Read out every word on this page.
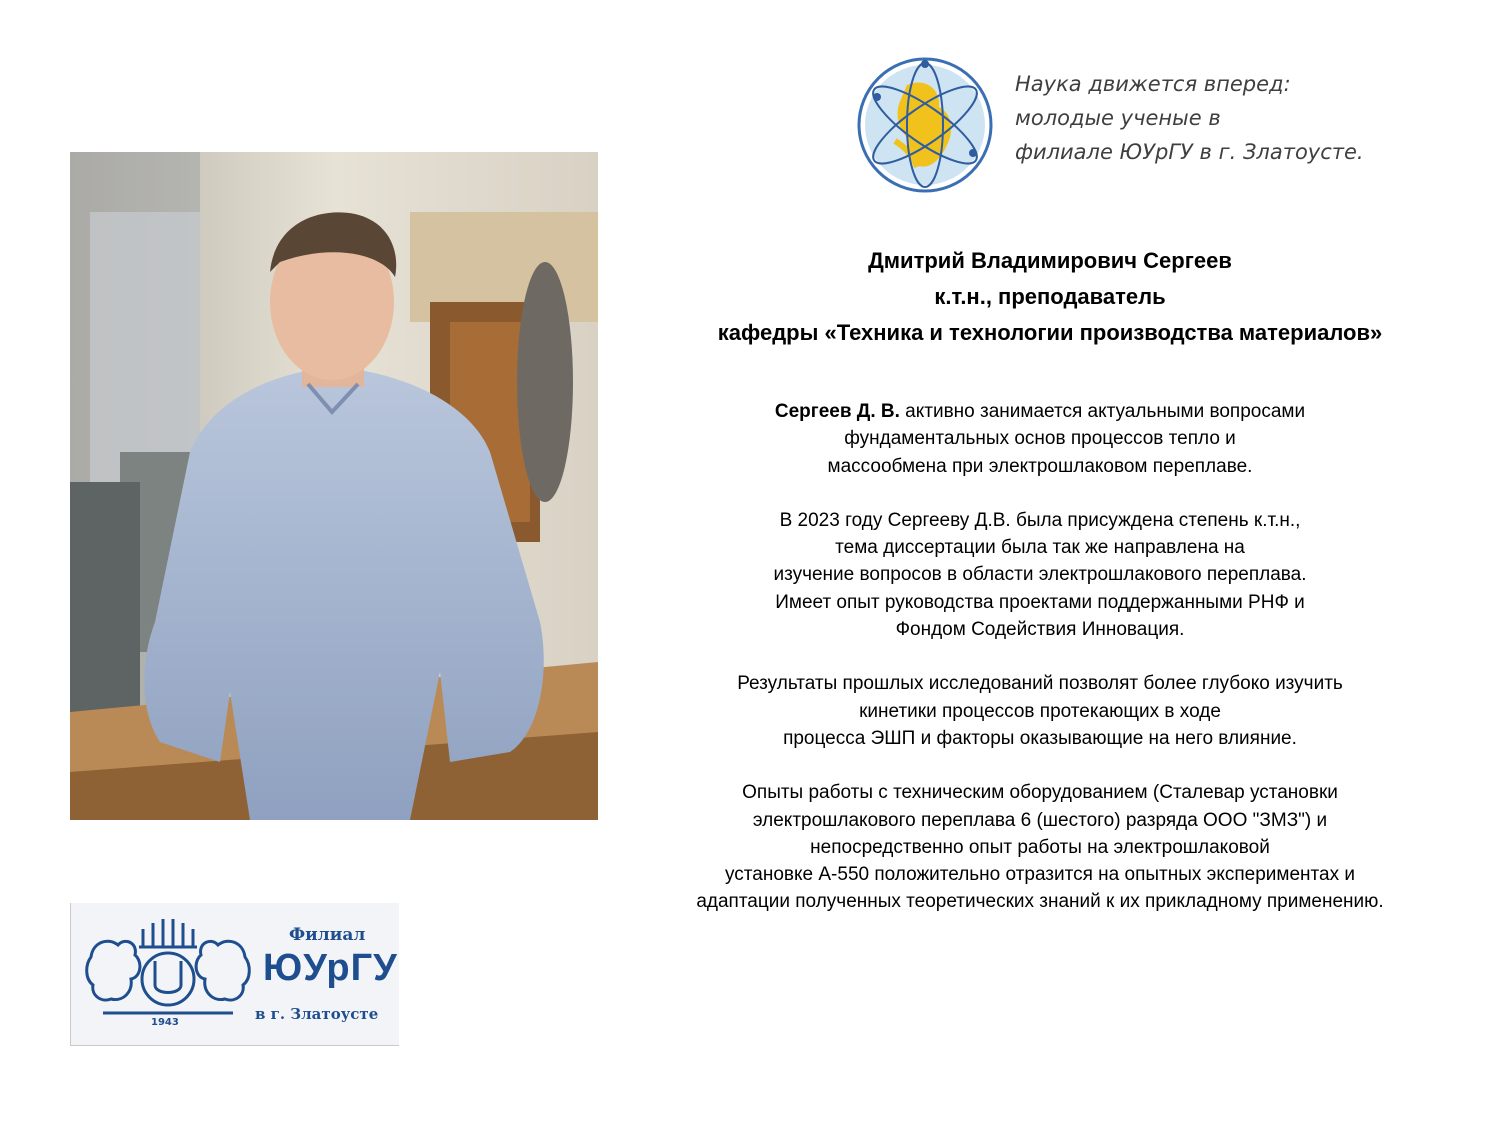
Наука движется вперед:
молодые ученые в
филиале ЮУрГУ в г. Златоусте.
Дмитрий Владимирович Сергеев
к.т.н., преподаватель
кафедры «Техника и технологии производства материалов»

Сергеев Д. В. активно занимается актуальными вопросами
фундаментальных основ процессов тепло и
массообмена при электрошлаковом переплаве.

В 2023 году Сергееву Д.В. была присуждена степень к.т.н.,
тема диссертации была так же направлена на
изучение вопросов в области электрошлакового переплава.
Имеет опыт руководства проектами поддержанными РНФ и
Фондом Содействия Инновация.

Результаты прошлых исследований позволят более глубоко изучить
кинетики процессов протекающих в ходе
процесса ЭШП и факторы оказывающие на него влияние.

Опыты работы с техническим оборудованием (Сталевар установки
электрошлакового переплава 6 (шестого) разряда ООО "ЗМЗ") и
непосредственно опыт работы на электрошлаковой
установке А-550 положительно отразится на опытных экспериментах и
адаптации полученных теоретических знаний к их прикладному применению.

Филиал
ЮУрГУ
в г. Златоусте
1943
